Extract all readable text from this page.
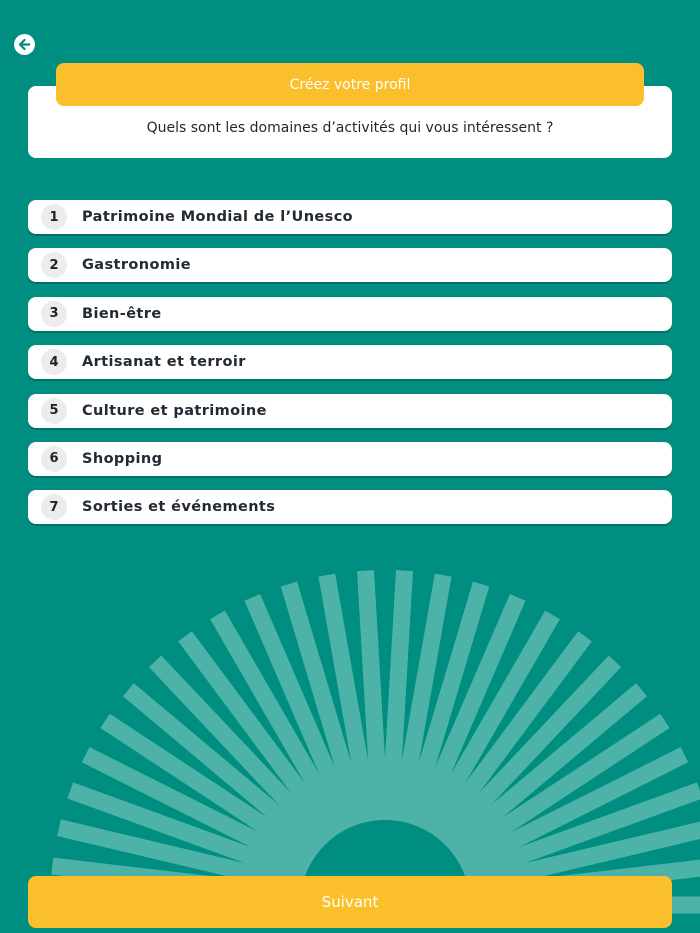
Créez votre profil
Quels sont les domaines d’activités qui vous intéressent ?
1	Patrimoine Mondial de l’Unesco
2	Gastronomie
3	Bien-être
4	Artisanat et terroir
5	Culture et patrimoine
6	Shopping
7	Sorties et événements
Suivant
